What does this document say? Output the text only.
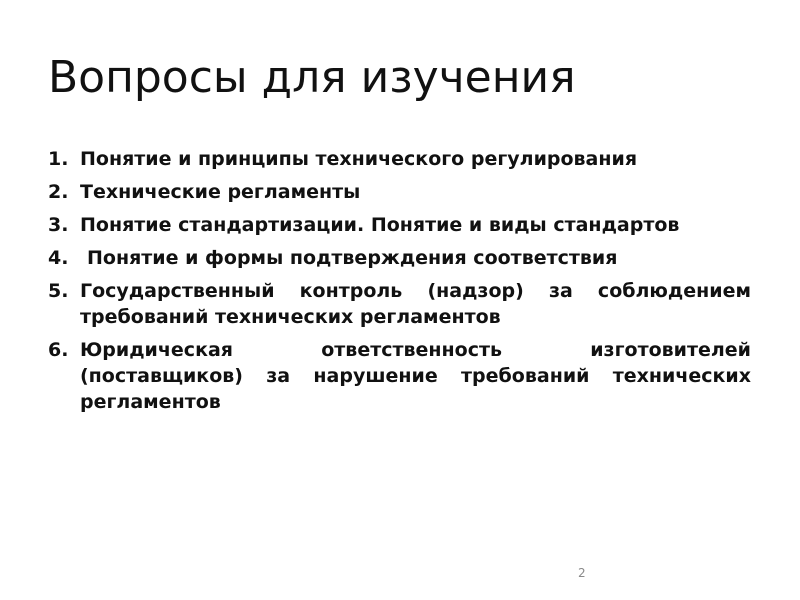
Вопросы для изучения
1. Понятие и принципы технического регулирования
2. Технические регламенты
3. Понятие стандартизации. Понятие и виды стандартов
4. Понятие и формы подтверждения соответствия
5. Государственный контроль (надзор) за соблюдением требований технических регламентов
6. Юридическая ответственность изготовителей (поставщиков) за нарушение требований технических регламентов
2
